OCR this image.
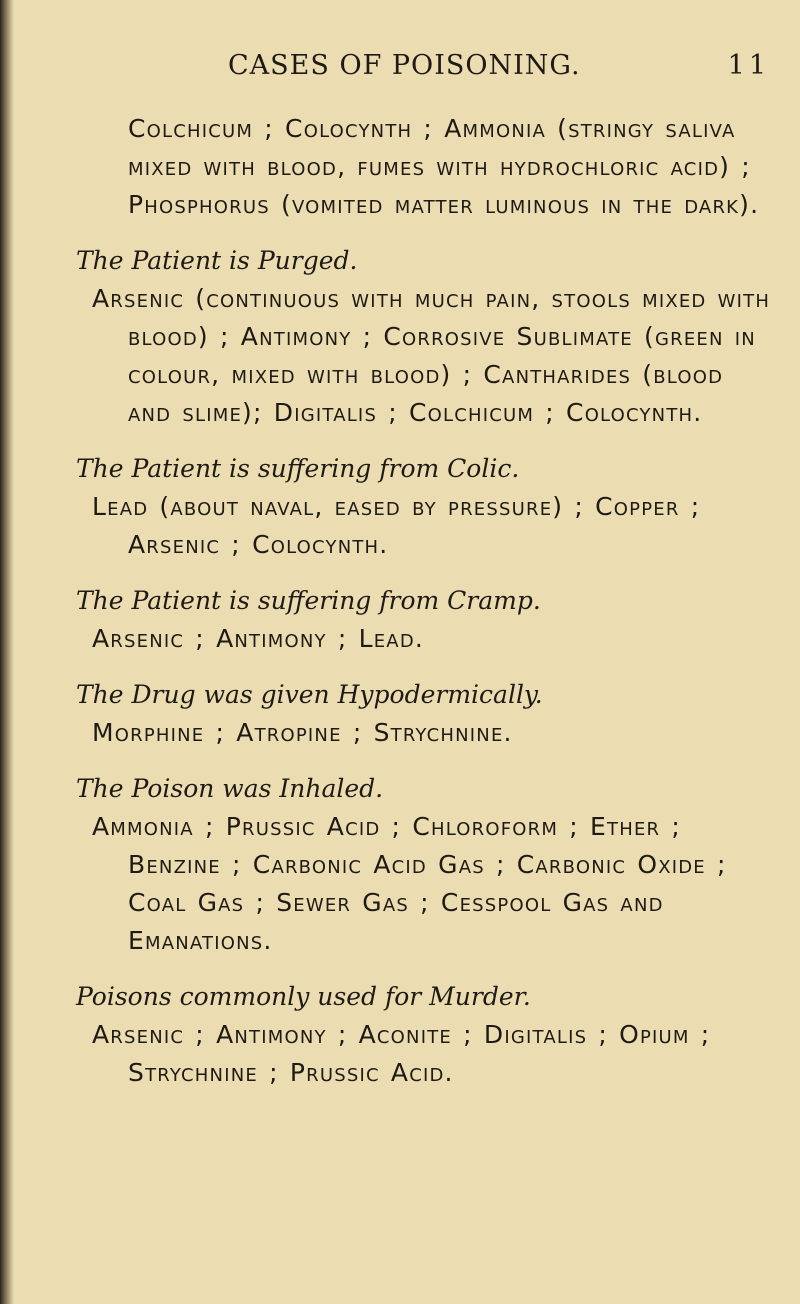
CASES OF POISONING.	11
Colchicum ; Colocynth ; Ammonia (stringy saliva mixed with blood, fumes with hydrochloric acid) ; Phosphorus (vomited matter luminous in the dark).
The Patient is Purged.
Arsenic (continuous with much pain, stools mixed with blood) ; Antimony ; Corrosive Sublimate (green in colour, mixed with blood) ; Cantharides (blood and slime); Digitalis ; Colchicum ; Colocynth.
The Patient is suffering from Colic.
Lead (about naval, eased by pressure) ; Copper ; Arsenic ; Colocynth.
The Patient is suffering from Cramp.
Arsenic ; Antimony ; Lead.
The Drug was given Hypodermically.
Morphine ; Atropine ; Strychnine.
The Poison was Inhaled.
Ammonia ; Prussic Acid ; Chloroform ; Ether ; Benzine ; Carbonic Acid Gas ; Carbonic Oxide ; Coal Gas ; Sewer Gas ; Cesspool Gas and Emanations.
Poisons commonly used for Murder.
Arsenic ; Antimony ; Aconite ; Digitalis ; Opium ; Strychnine ; Prussic Acid.
